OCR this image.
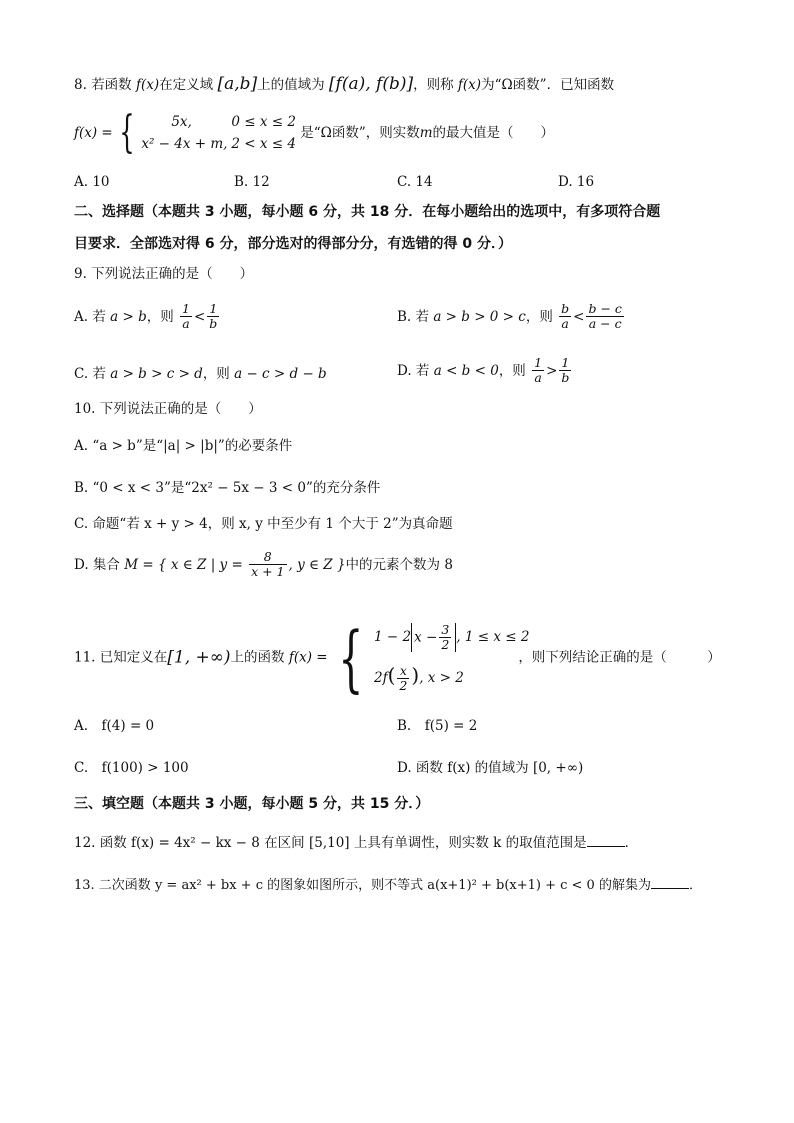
8. 若函数 f(x)在定义域 [a,b]上的值域为 [f(a), f(b)]，则称 f(x)为“Ω函数”．已知函数
f(x) = {	5x,	0 ≤ x ≤ 2
x² − 4x + m, 2 < x ≤ 4
是“Ω函数”，则实数m的最大值是（　　）
A. 10	B. 12	C. 14	D. 16
二、选择题（本题共 3 小题，每小题 6 分，共 18 分．在每小题给出的选项中，有多项符合题
目要求．全部选对得 6 分，部分选对的得部分分，有选错的得 0 分．）
9. 下列说法正确的是（　　）
A. 若 a > b，则 $\frac{1}{a} < \frac{1}{b}$	B. 若 a > b > 0 > c，则 $\frac{b}{a} < \frac{b - c}{a - c}$
C. 若 a > b > c > d，则 a − c > d − b	D. 若 a < b < 0，则 $\frac{1}{a} > \frac{1}{b}$
10. 下列说法正确的是（　　）
A. “a > b”是“|a| > |b|”的必要条件
B. “0 < x < 3”是“2x² − 5x − 3 < 0”的充分条件
C. 命题“若 x + y > 4，则 x, y 中至少有 1 个大于 2”为真命题
D. 集合 M = { x ∈ Z | $y = \frac{8}{x + 1}$ , y ∈ Z }中的元素个数为 8
11. 已知定义在[1, +∞)上的函数 f(x) = { 1 − 2 $x - \frac{3}{2}$ , 1 ≤ x ≤ 2
$2f( \frac{x}{2}$ ), x > 2
，则下列结论正确的是（　　　）
A.　f(4) = 0	B.　f(5) = 2
C.　f(100) > 100	D. 函数 f(x) 的值域为 [0, +∞)
三、填空题（本题共 3 小题，每小题 5 分，共 15 分．）
12. 函数 f(x) = 4x² − kx − 8 在区间 [5,10] 上具有单调性，则实数 k 的取值范围是	．
13. 二次函数 y = ax² + bx + c 的图象如图所示，则不等式 a(x+1)² + b(x+1) + c < 0 的解集为	．
